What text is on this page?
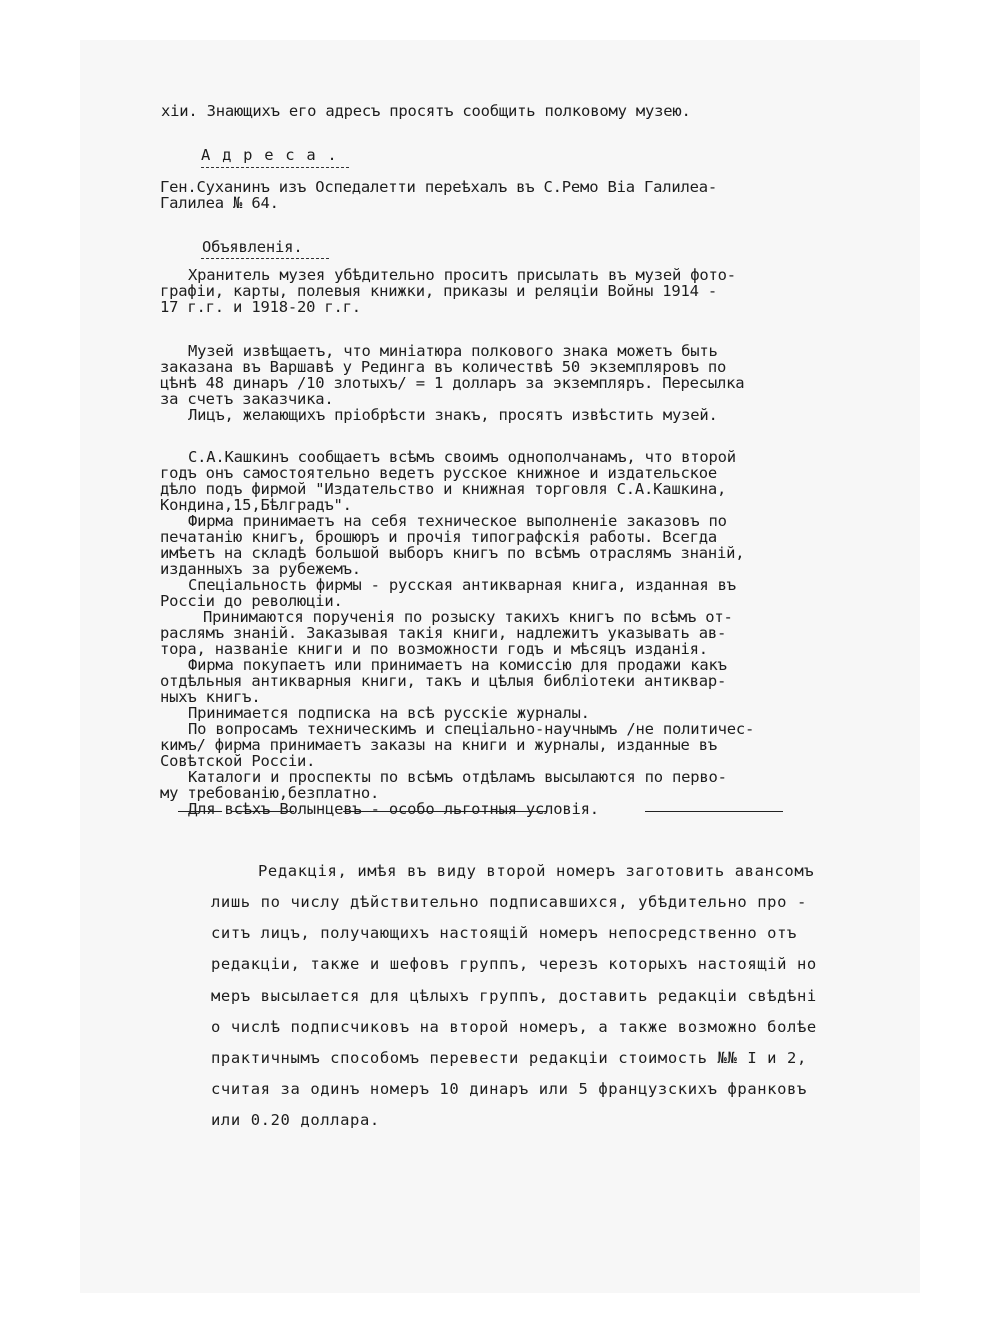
хiи. Знающихъ его адресъ просятъ сообщить полковому музею.
А д р е с а .
Ген.Суханинъ изъ Оспедалетти переѣхалъ въ С.Ремо Вiа Галилеа-
Галилеа № 64.
Объявленiя.
Хранитель музея убѣдительно проситъ присылать въ музей фото-
графiи, карты, полевыя книжки, приказы и реляцiи Войны 1914 -
17 г.г. и 1918-20 г.г.
Музей извѣщаетъ, что миніатюра полкового знака можетъ быть
заказана въ Варшавѣ у Рединга въ количествѣ 50 экземпляровъ по
цѣнѣ 48 динаръ /10 злотыхъ/ = 1 долларъ за экземпляръ. Пересылка
за счетъ заказчика.
Лицъ, желающихъ прiобрѣсти знакъ, просятъ извѣстить музей.
С.А.Кашкинъ сообщаетъ всѣмъ своимъ однополчанамъ, что второй
годъ онъ самостоятельно ведетъ русское книжное и издательское
дѣло подъ фирмой "Издательство и книжная торговля С.А.Кашкина,
Кондина,15,Бѣлградъ".
Фирма принимаетъ на себя техническое выполненiе заказовъ по
печатанiю книгъ, брошюръ и прочiя типографскiя работы. Всегда
имѣетъ на складѣ большой выборъ книгъ по всѣмъ отраслямъ знанiй,
изданныхъ за рубежемъ.
Спецiальность фирмы - русская антикварная книга, изданная въ
Россiи до революцiи.
Принимаются порученiя по розыску такихъ книгъ по всѣмъ от-
раслямъ знанiй. Заказывая такiя книги, надлежитъ указывать ав-
тора, названiе книги и по возможности годъ и мѣсяцъ изданiя.
Фирма покупаетъ или принимаетъ на комиссiю для продажи какъ
отдѣльныя антикварныя книги, такъ и цѣлыя библiотеки антиквар-
ныхъ книгъ.
Принимается подписка на всѣ русскiе журналы.
По вопросамъ техническимъ и спецiально-научнымъ /не политичес-
кимъ/ фирма принимаетъ заказы на книги и журналы, изданные въ
Совѣтской Россiи.
Каталоги и проспекты по всѣмъ отдѣламъ высылаются по перво-
му требованiю,безплатно.
Для всѣхъ Волынцевъ - особо льготныя условiя.
Редакцiя, имѣя въ виду второй номеръ заготовить авансомъ
лишь по числу дѣйствительно подписавшихся, убѣдительно про -
ситъ лицъ, получающихъ настоящiй номеръ непосредственно отъ
редакцiи, также и шефовъ группъ, черезъ которыхъ настоящiй но
меръ высылается для цѣлыхъ группъ, доставить редакцiи свѣдѣнi
о числѣ подписчиковъ на второй номеръ, а также возможно болѣе
практичнымъ способомъ перевести редакцiи стоимость №№ I и 2,
считая за одинъ номеръ 10 динаръ или 5 французскихъ франковъ
или 0.20 доллара.
